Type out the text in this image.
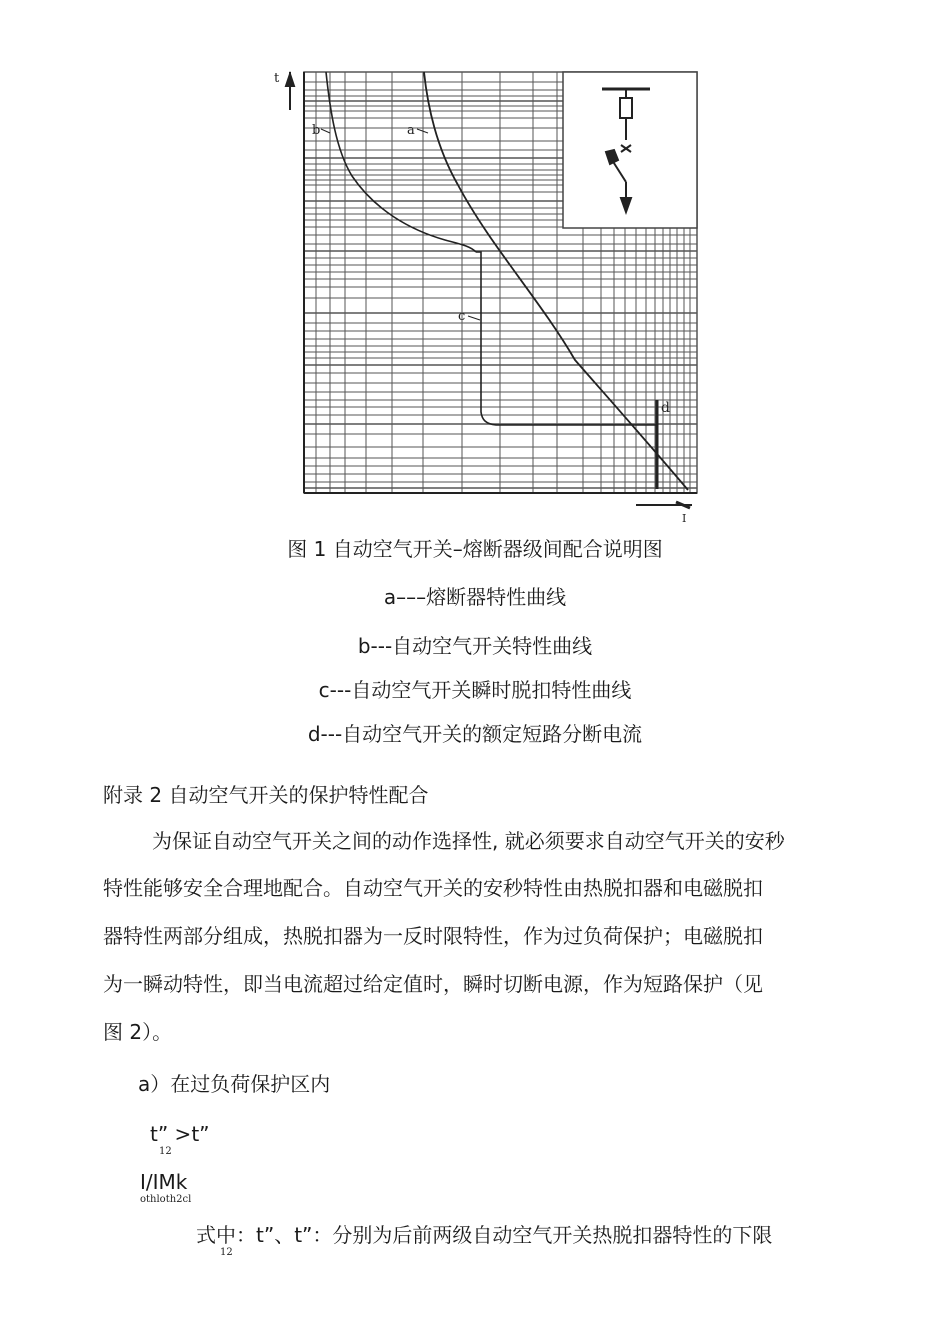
t
I
a
b
c
d
图 1 自动空气开关–熔断器级间配合说明图
a–––熔断器特性曲线
b---自动空气开关特性曲线
c---自动空气开关瞬时脱扣特性曲线
d---自动空气开关的额定短路分断电流
附录 2 自动空气开关的保护特性配合
为保证自动空气开关之间的动作选择性, 就必须要求自动空气开关的安秒
特性能够安全合理地配合。自动空气开关的安秒特性由热脱扣器和电磁脱扣
器特性两部分组成，热脱扣器为一反时限特性，作为过负荷保护；电磁脱扣
为一瞬动特性，即当电流超过给定值时，瞬时切断电源，作为短路保护（见
图 2）。
a）在过负荷保护区内
t” >t”
12
I/IMk
othloth2cl
式中：t”、t”：分别为后前两级自动空气开关热脱扣器特性的下限
12
